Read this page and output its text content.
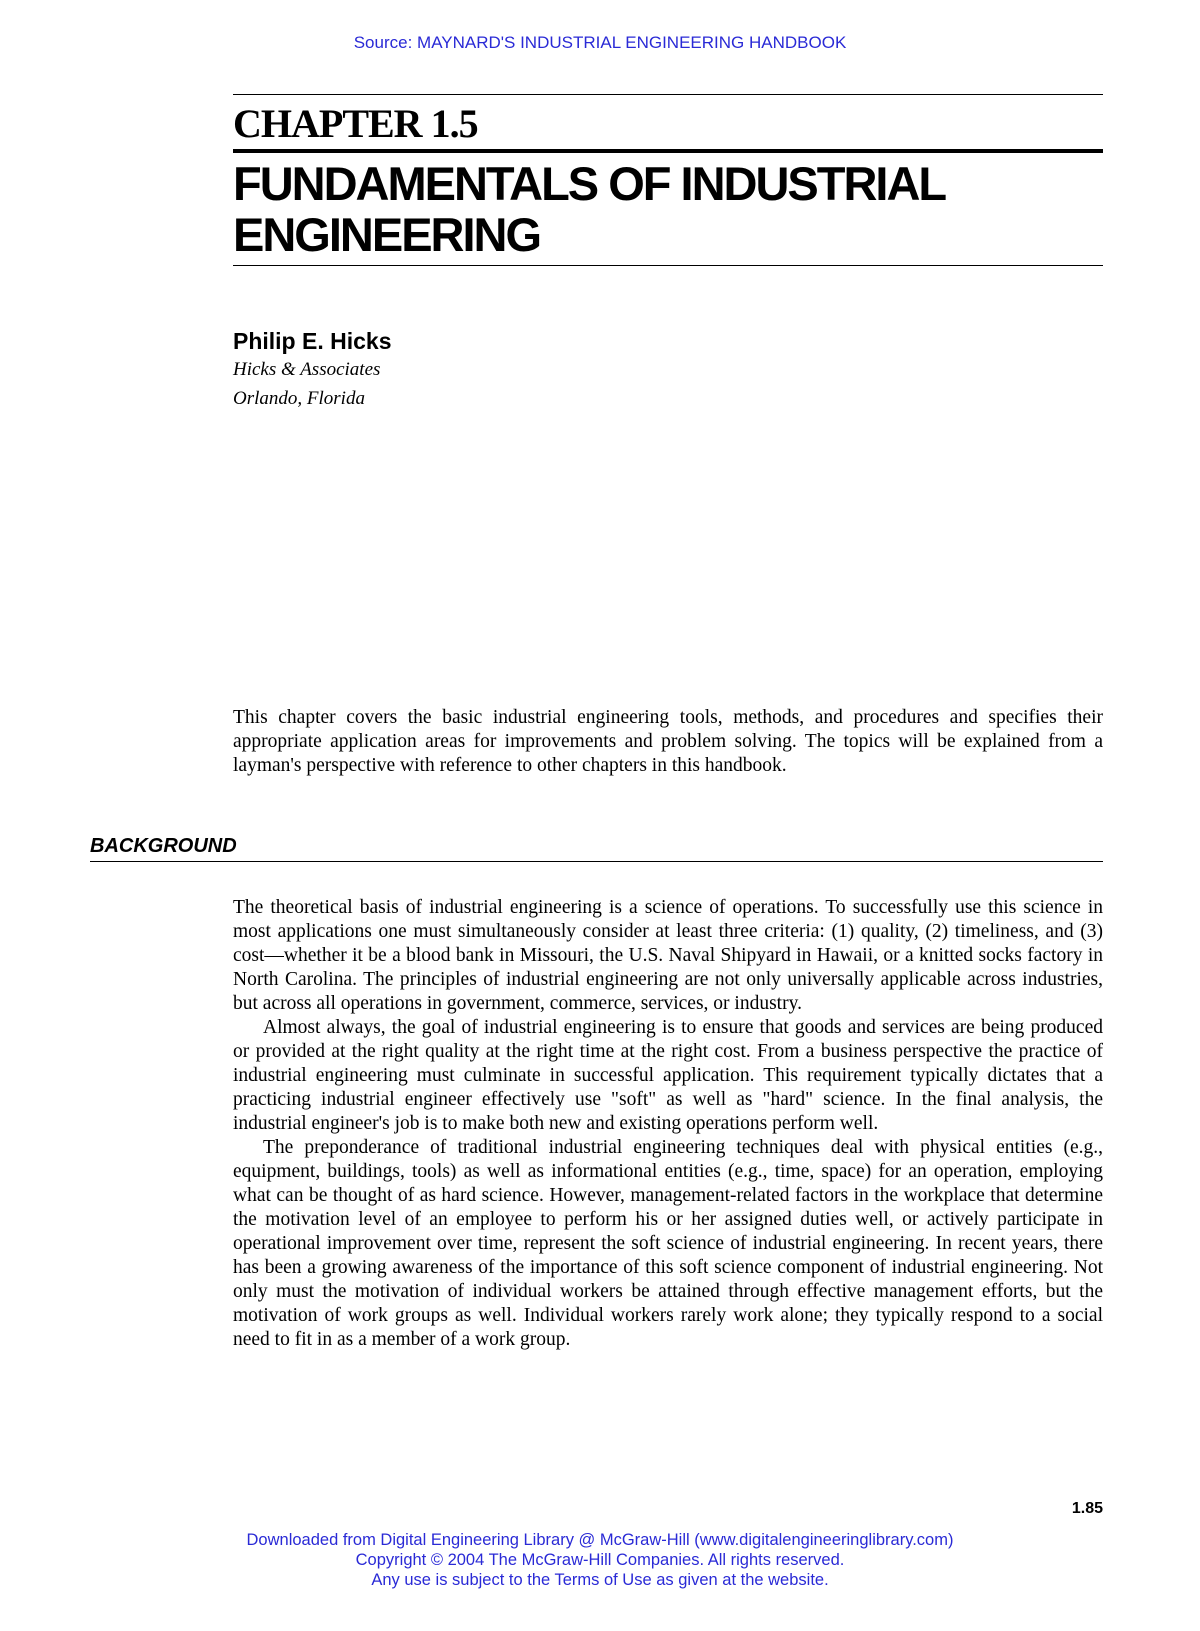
Source: MAYNARD'S INDUSTRIAL ENGINEERING HANDBOOK
CHAPTER 1.5
FUNDAMENTALS OF INDUSTRIAL ENGINEERING
Philip E. Hicks
Hicks & Associates
Orlando, Florida

This chapter covers the basic industrial engineering tools, methods, and procedures and specifies their appropriate application areas for improvements and problem solving. The topics will be explained from a layman's perspective with reference to other chapters in this handbook.

BACKGROUND

The theoretical basis of industrial engineering is a science of operations. To successfully use this science in most applications one must simultaneously consider at least three criteria: (1) quality, (2) timeliness, and (3) cost—whether it be a blood bank in Missouri, the U.S. Naval Shipyard in Hawaii, or a knitted socks factory in North Carolina. The principles of industrial engineering are not only universally applicable across industries, but across all operations in government, commerce, services, or industry.

Almost always, the goal of industrial engineering is to ensure that goods and services are being produced or provided at the right quality at the right time at the right cost. From a business perspective the practice of industrial engineering must culminate in successful application. This requirement typically dictates that a practicing industrial engineer effectively use "soft" as well as "hard" science. In the final analysis, the industrial engineer's job is to make both new and existing operations perform well.

The preponderance of traditional industrial engineering techniques deal with physical entities (e.g., equipment, buildings, tools) as well as informational entities (e.g., time, space) for an operation, employing what can be thought of as hard science. However, management-related factors in the workplace that determine the motivation level of an employee to perform his or her assigned duties well, or actively participate in operational improvement over time, represent the soft science of industrial engineering. In recent years, there has been a growing awareness of the importance of this soft science component of industrial engineering. Not only must the motivation of individual workers be attained through effective management efforts, but the motivation of work groups as well. Individual workers rarely work alone; they typically respond to a social need to fit in as a member of a work group.

1.85
Downloaded from Digital Engineering Library @ McGraw-Hill (www.digitalengineeringlibrary.com)
Copyright © 2004 The McGraw-Hill Companies. All rights reserved.
Any use is subject to the Terms of Use as given at the website.
